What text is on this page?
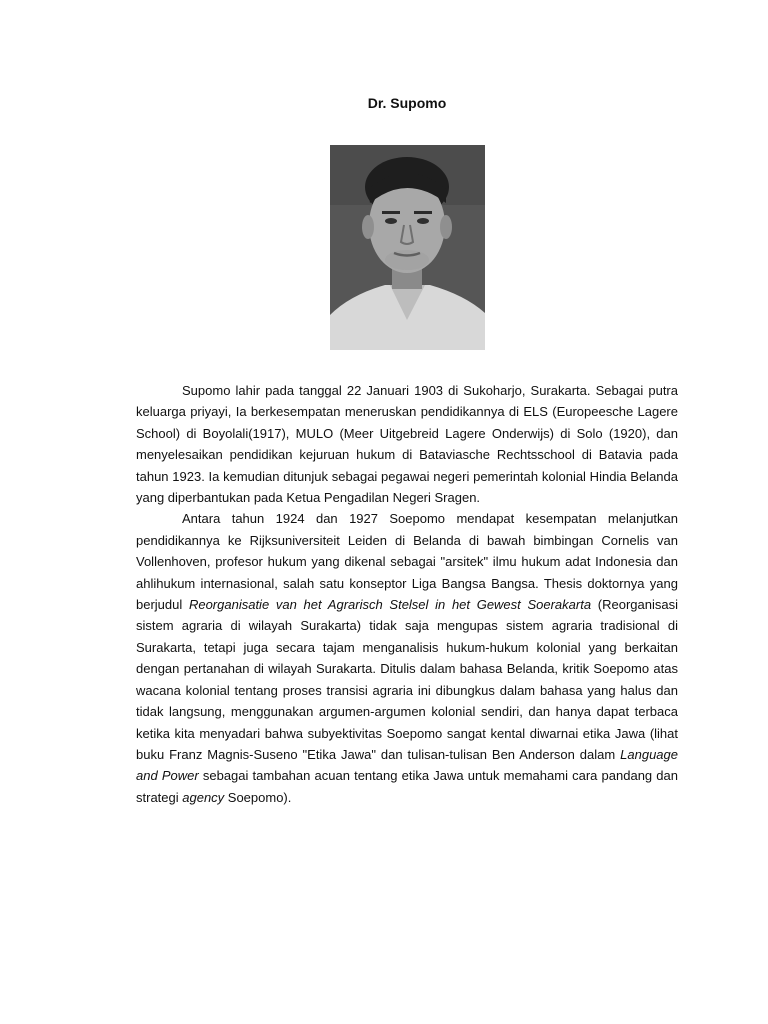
Dr. Supomo

Supomo lahir pada tanggal 22 Januari 1903 di Sukoharjo, Surakarta. Sebagai putra keluarga priyayi, Ia berkesempatan meneruskan pendidikannya di ELS (Europeesche Lagere School) di Boyolali(1917), MULO (Meer Uitgebreid Lagere Onderwijs) di Solo (1920), dan menyelesaikan pendidikan kejuruan hukum di Bataviasche Rechtsschool di Batavia pada tahun 1923. Ia kemudian ditunjuk sebagai pegawai negeri pemerintah kolonial Hindia Belanda yang diperbantukan pada Ketua Pengadilan Negeri Sragen.

Antara tahun 1924 dan 1927 Soepomo mendapat kesempatan melanjutkan pendidikannya ke Rijksuniversiteit Leiden di Belanda di bawah bimbingan Cornelis van Vollenhoven, profesor hukum yang dikenal sebagai "arsitek" ilmu hukum adat Indonesia dan ahlihukum internasional, salah satu konseptor Liga Bangsa Bangsa. Thesis doktornya yang berjudul Reorganisatie van het Agrarisch Stelsel in het Gewest Soerakarta (Reorganisasi sistem agraria di wilayah Surakarta) tidak saja mengupas sistem agraria tradisional di Surakarta, tetapi juga secara tajam menganalisis hukum-hukum kolonial yang berkaitan dengan pertanahan di wilayah Surakarta. Ditulis dalam bahasa Belanda, kritik Soepomo atas wacana kolonial tentang proses transisi agraria ini dibungkus dalam bahasa yang halus dan tidak langsung, menggunakan argumen-argumen kolonial sendiri, dan hanya dapat terbaca ketika kita menyadari bahwa subyektivitas Soepomo sangat kental diwarnai etika Jawa (lihat buku Franz Magnis-Suseno "Etika Jawa" dan tulisan-tulisan Ben Anderson dalam Language and Power sebagai tambahan acuan tentang etika Jawa untuk memahami cara pandang dan strategi agency Soepomo).
